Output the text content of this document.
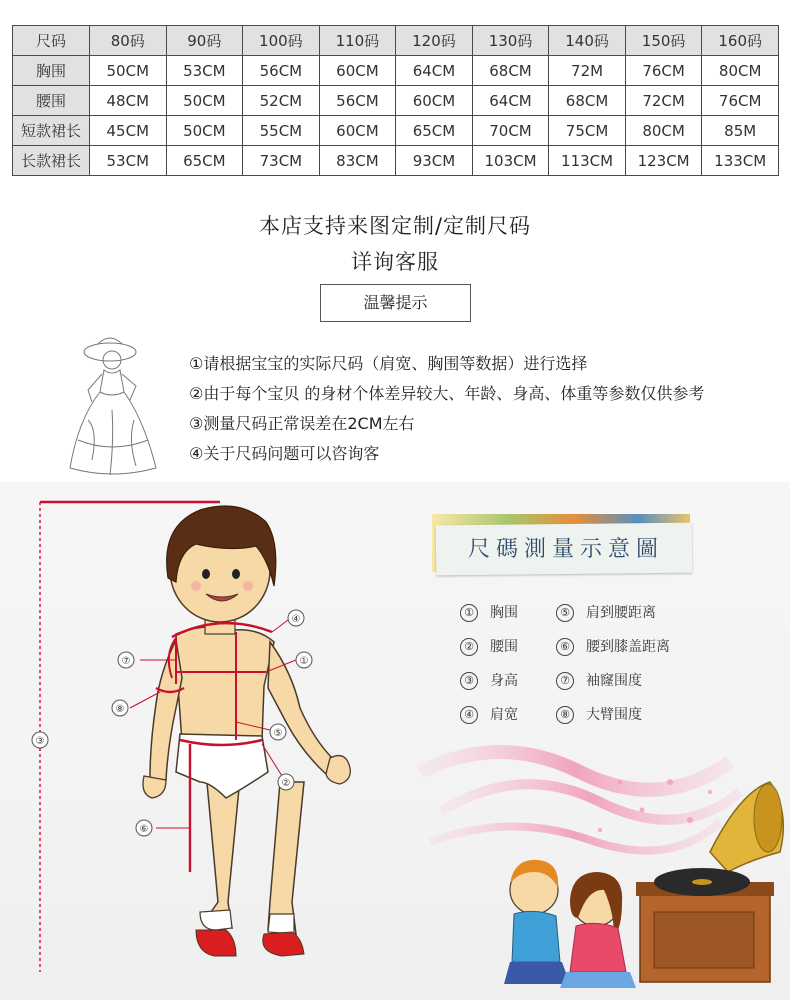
尺码	80码	90码	100码	110码	120码	130码	140码	150码	160码
胸围	50CM	53CM	56CM	60CM	64CM	68CM	72M	76CM	80CM
腰围	48CM	50CM	52CM	56CM	60CM	64CM	68CM	72CM	76CM
短款裙长	45CM	50CM	55CM	60CM	65CM	70CM	75CM	80CM	85M
长款裙长	53CM	65CM	73CM	83CM	93CM	103CM	113CM	123CM	133CM
本店支持来图定制/定制尺码
详询客服
温馨提示
①请根据宝宝的实际尺码（肩宽、胸围等数据）进行选择
②由于每个宝贝 的身材个体差异较大、年龄、身高、体重等参数仅供参考
③测量尺码正常误差在2CM左右
④关于尺码问题可以咨询客
④
①
⑤
②
⑦
⑧
③
⑥
尺碼測量示意圖
① 胸围	⑤ 肩到腰距离
② 腰围	⑥ 腰到膝盖距离
③ 身高	⑦ 袖窿围度
④ 肩宽	⑧ 大臂围度
